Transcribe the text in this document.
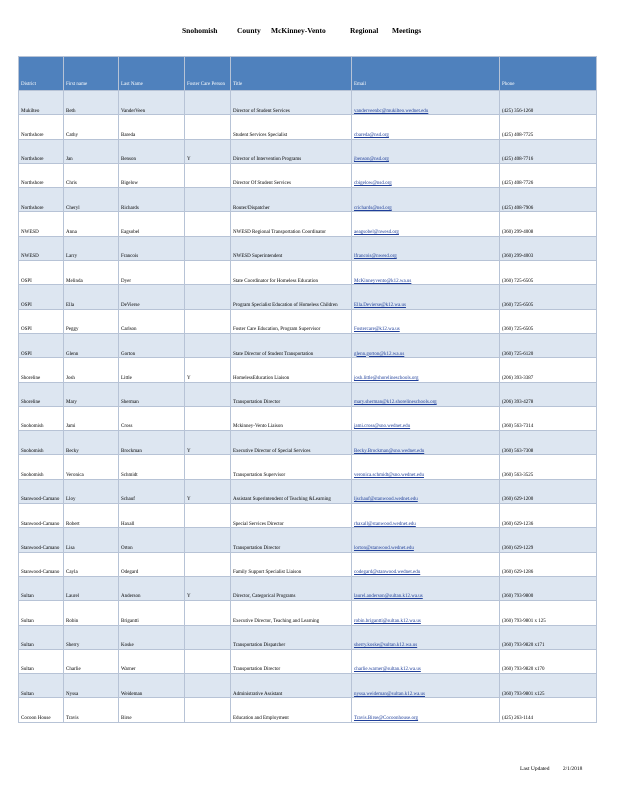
Snohomish	County McKinney-Vento	Regional Meetings
District	First name	Last Name	Foster Care Person	Title	Email	Phone
Mukilteo	Beth	VanderVeen		Director of Student Services	vanderveenbc@mukilteo.wednet.edu	(425) 356-1260
Northshore	Cathy	Bareda		Student Services Specialist	cbareda@nsd.org	(425) 408-7725
Northshore	Jan	Benson	Y	Director of Intervention Programs	jbenson@nsd.org	(425) 408-7716
Northshore	Chris	Bigelow		Director Of Student Services	cbigelow@nsd.org	(425) 408-7726
Northshore	Cheryl	Richards		Router/Dispatcher	crichards@nsd.org	(425) 408-7906
NWESD	Anna	Eagsobel		NWESD Regional Transportation Coordinator	aeagsobel@nwesd.org	(360) 299-4008
NWESD	Larry	Francois		NWESD Superintendent	lfrancois@nwesd.org	(360) 299-4003
OSPI	Melinda	Dyer		State Coordinator for Homeless Education	McKinneyvento@k12.wa.us	(360) 725-6505
OSPI	Ella	DeVierse		Program Specialist Education of Homeless Children	Ella.Devierse@k12.wa.us	(360) 725-6505
OSPI	Peggy	Carlson		Foster Care Education, Program Supervisor	Fostercare@k12.wa.us	(360) 725-6505
OSPI	Glenn	Gorton		State Director of Student Transportation	glenn.gorton@k12.wa.us	(360) 725-6120
Shoreline	Josh	Little	Y	HomelessEducation Liaison	josh.little@shorelineschools.org	(206) 393-3387
Shoreline	Mary	Sherman		Transportation Director	mary.sherman@k12.shorelineschools.org	(206) 393-4278
Snohomish	Jami	Cross		Mckinney-Vento Liaison	jami.cross@sno.wednet.edu	(360) 563-7314
Snohomish	Becky	Brockman	Y	Executive Director of Special Services	Becky.Brockman@sno.wednet.edu	(360) 563-7308
Snohomish	Veronica	Schmidt		Transportation Supervisor	veronica.schmidt@sno.wednet.edu	(360) 563-3525
Stanwood-Camano	Lloy	Schauf	Y	Assistant Superintendent of Teaching &Learning	ljschauf@stanwood.wednet.edu	(360) 629-1200
Stanwood-Camano	Robert	Haxall		Special Services Director	rhaxall@stanwood.wednet.edu	(360) 629-1236
Stanwood-Camano	Lisa	Orton		Transportation Director	lorton@stanwood.wednet.edu	(360) 629-1229
Stanwood-Camano	Cayla	Odegard		Family Support Specialist Liaison	codegard@stanwood.wednet.edu	(360) 629-1286
Sultan	Laurel	Anderson	Y	Director, Categorical Programs	laurel.anderson@sultan.k12.wa.us	(360) 793-9800
Sultan	Robin	Brigantti		Executive Director, Teaching and Learning	robin.brigantti@sultan.k12.wa.us	(360) 793-9801 x 125
Sultan	Sherry	Koske		Transportation Dispatcher	sherry.koske@sultan.k12.wa.us	(360) 793-9820 x171
Sultan	Charlie	Warner		Transportation Director	charlie.warner@sultan.k12.wa.us	(360) 793-9820 x170
Sultan	Nyssa	Weideman		Administrative Assistant	nyssa.weideman@sultan.k12.wa.us	(360) 793-9801 x125
Cocoon House	Travis	Birse		Education and Employment	Travis.Birse@Cocoonhouse.org	(425) 263-1144
Last Updated 2/1/2018
